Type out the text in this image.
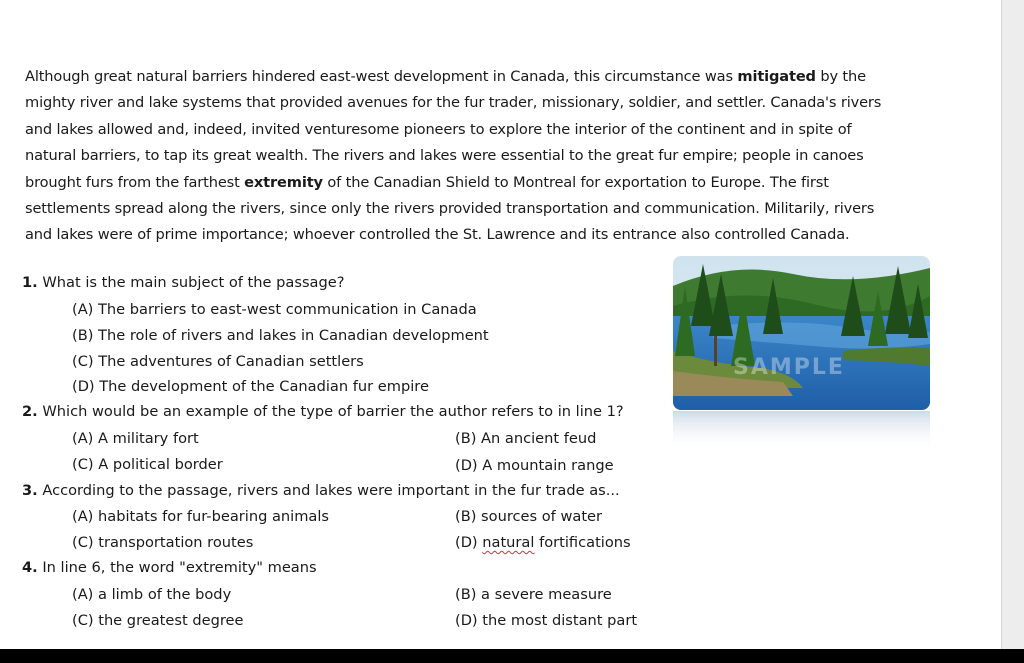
Although great natural barriers hindered east-west development in Canada, this circumstance was mitigated by the
mighty river and lake systems that provided avenues for the fur trader, missionary, soldier, and settler. Canada's rivers
and lakes allowed and, indeed, invited venturesome pioneers to explore the interior of the continent and in spite of
natural barriers, to tap its great wealth. The rivers and lakes were essential to the great fur empire; people in canoes
brought furs from the farthest extremity of the Canadian Shield to Montreal for exportation to Europe. The first
settlements spread along the rivers, since only the rivers provided transportation and communication. Militarily, rivers
and lakes were of prime importance; whoever controlled the St. Lawrence and its entrance also controlled Canada.
1. What is the main subject of the passage?
(A) The barriers to east-west communication in Canada
(B) The role of rivers and lakes in Canadian development
(C) The adventures of Canadian settlers
(D) The development of the Canadian fur empire
2. Which would be an example of the type of barrier the author refers to in line 1?
(A) A military fort	(B) An ancient feud
(C) A political border	(D) A mountain range
3. According to the passage, rivers and lakes were important in the fur trade as...
(A) habitats for fur-bearing animals	(B) sources of water
(C) transportation routes	(D) natural fortifications
4. In line 6, the word "extremity" means
(A) a limb of the body	(B) a severe measure
(C) the greatest degree	(D) the most distant part
SAMPLE
